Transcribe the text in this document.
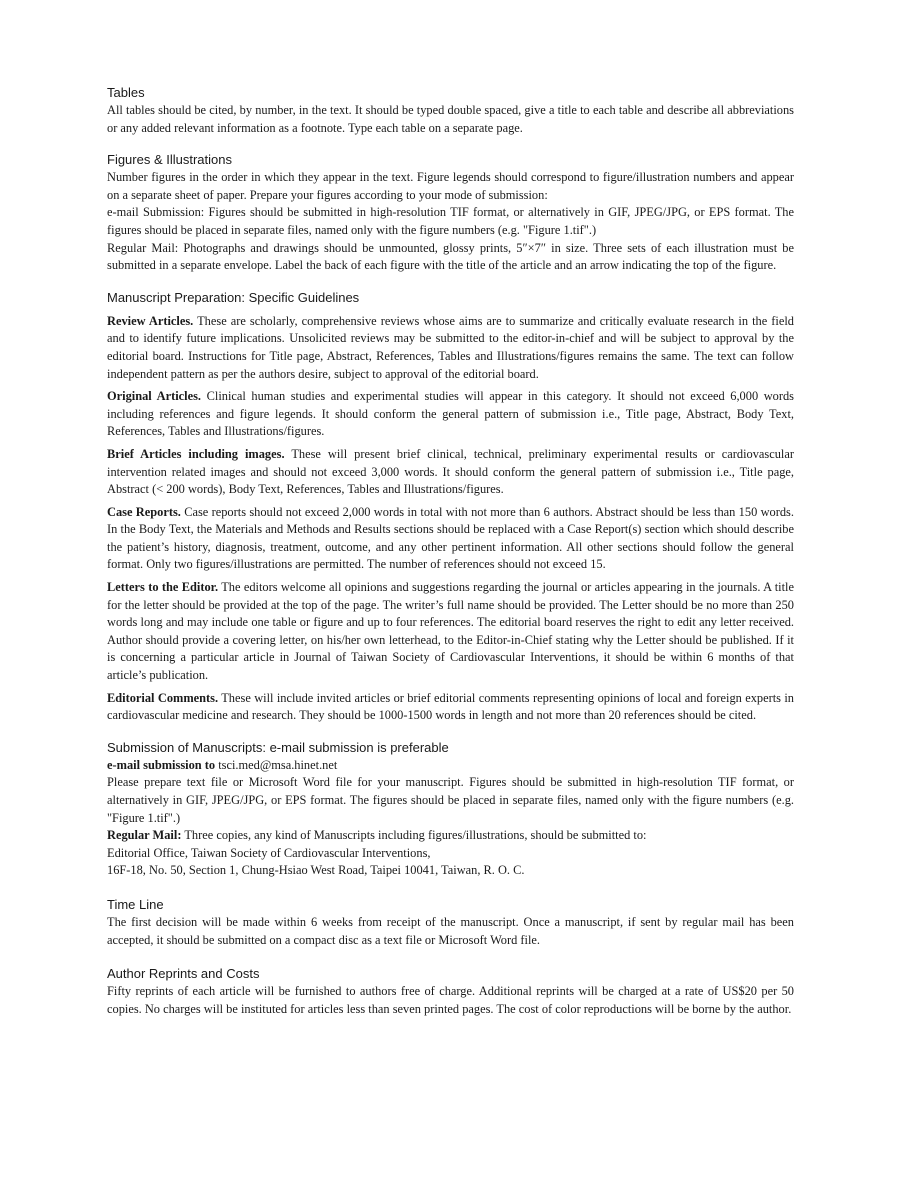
Tables

All tables should be cited, by number, in the text. It should be typed double spaced, give a title to each table and describe all abbreviations or any added relevant information as a footnote. Type each table on a separate page.

Figures & Illustrations

Number figures in the order in which they appear in the text. Figure legends should correspond to figure/illustration numbers and appear on a separate sheet of paper. Prepare your figures according to your mode of submission:

e-mail Submission: Figures should be submitted in high-resolution TIF format, or alternatively in GIF, JPEG/JPG, or EPS format. The figures should be placed in separate files, named only with the figure numbers (e.g. "Figure 1.tif".)

Regular Mail: Photographs and drawings should be unmounted, glossy prints, 5″×7″ in size. Three sets of each illustration must be submitted in a separate envelope. Label the back of each figure with the title of the article and an arrow indicating the top of the figure.

Manuscript Preparation: Specific Guidelines

Review Articles. These are scholarly, comprehensive reviews whose aims are to summarize and critically evaluate research in the field and to identify future implications. Unsolicited reviews may be submitted to the editor-in-chief and will be subject to approval by the editorial board. Instructions for Title page, Abstract, References, Tables and Illustrations/figures remains the same. The text can follow independent pattern as per the authors desire, subject to approval of the editorial board.

Original Articles. Clinical human studies and experimental studies will appear in this category. It should not exceed 6,000 words including references and figure legends. It should conform the general pattern of submission i.e., Title page, Abstract, Body Text, References, Tables and Illustrations/figures.

Brief Articles including images. These will present brief clinical, technical, preliminary experimental results or cardiovascular intervention related images and should not exceed 3,000 words. It should conform the general pattern of submission i.e., Title page, Abstract (< 200 words), Body Text, References, Tables and Illustrations/figures.

Case Reports. Case reports should not exceed 2,000 words in total with not more than 6 authors. Abstract should be less than 150 words. In the Body Text, the Materials and Methods and Results sections should be replaced with a Case Report(s) section which should describe the patient’s history, diagnosis, treatment, outcome, and any other pertinent information. All other sections should follow the general format. Only two figures/illustrations are permitted. The number of references should not exceed 15.

Letters to the Editor. The editors welcome all opinions and suggestions regarding the journal or articles appearing in the journals. A title for the letter should be provided at the top of the page. The writer’s full name should be provided. The Letter should be no more than 250 words long and may include one table or figure and up to four references. The editorial board reserves the right to edit any letter received. Author should provide a covering letter, on his/her own letterhead, to the Editor-in-Chief stating why the Letter should be published. If it is concerning a particular article in Journal of Taiwan Society of Cardiovascular Interventions, it should be within 6 months of that article’s publication.

Editorial Comments. These will include invited articles or brief editorial comments representing opinions of local and foreign experts in cardiovascular medicine and research. They should be 1000-1500 words in length and not more than 20 references should be cited.

Submission of Manuscripts: e-mail submission is preferable

e-mail submission to tsci.med@msa.hinet.net

Please prepare text file or Microsoft Word file for your manuscript. Figures should be submitted in high-resolution TIF format, or alternatively in GIF, JPEG/JPG, or EPS format. The figures should be placed in separate files, named only with the figure numbers (e.g. "Figure 1.tif".)

Regular Mail: Three copies, any kind of Manuscripts including figures/illustrations, should be submitted to:

Editorial Office, Taiwan Society of Cardiovascular Interventions,

16F-18, No. 50, Section 1, Chung-Hsiao West Road, Taipei 10041, Taiwan, R. O. C.

Time Line

The first decision will be made within 6 weeks from receipt of the manuscript. Once a manuscript, if sent by regular mail has been accepted, it should be submitted on a compact disc as a text file or Microsoft Word file.

Author Reprints and Costs

Fifty reprints of each article will be furnished to authors free of charge. Additional reprints will be charged at a rate of US$20 per 50 copies. No charges will be instituted for articles less than seven printed pages. The cost of color reproductions will be borne by the author.
